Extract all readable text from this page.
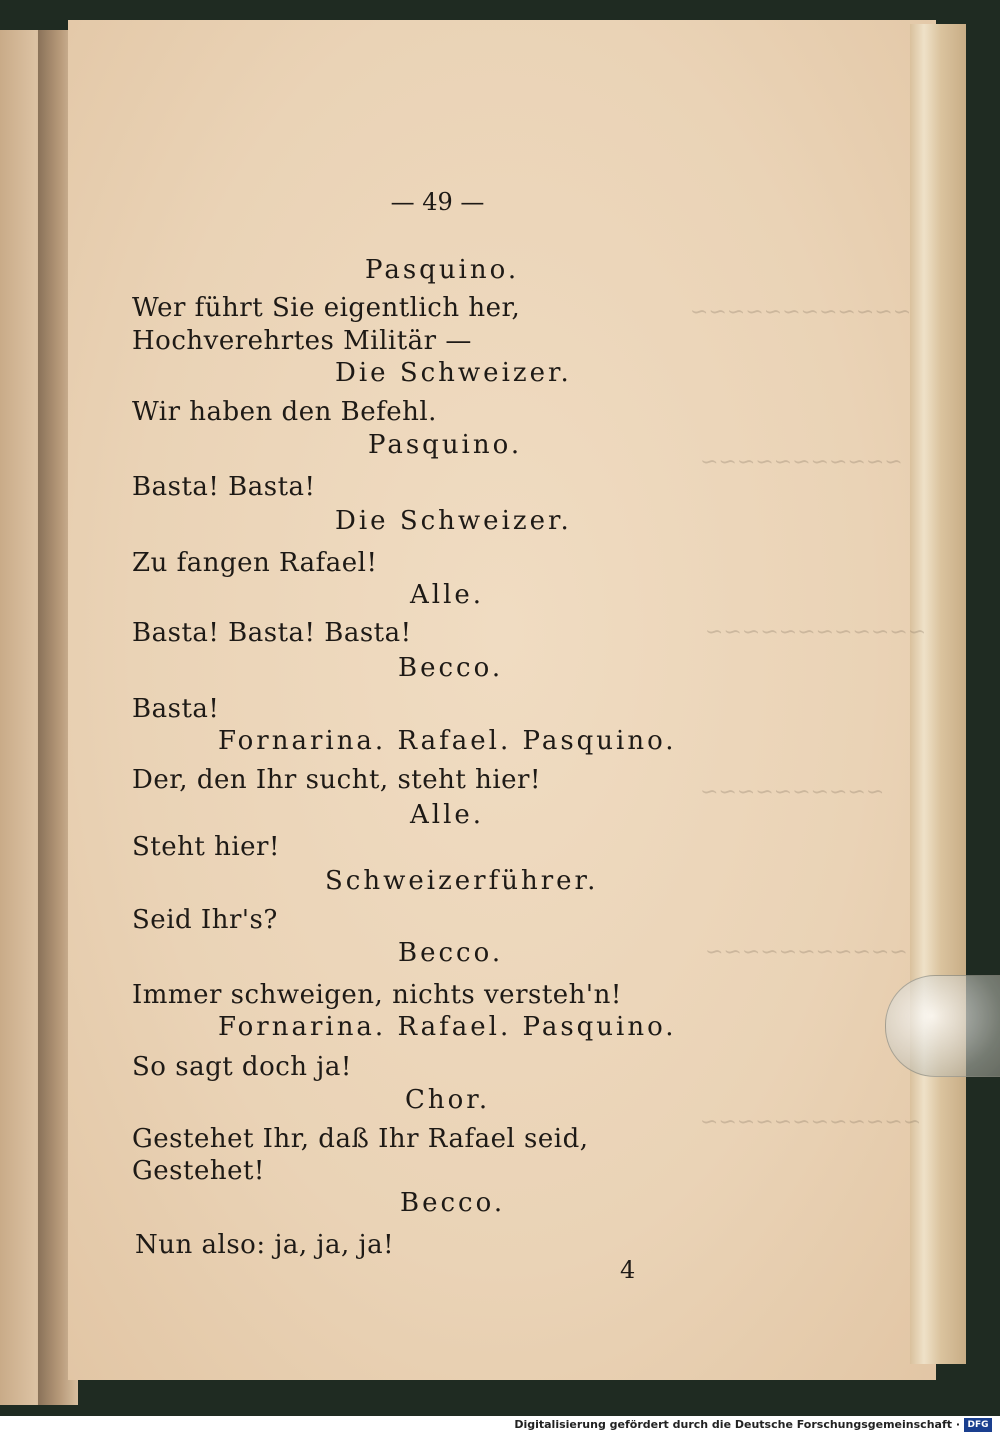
~~~~~~~~~~~~
~~~~~~~~~~~
~~~~~~~~~~~~
~~~~~~~~~~
~~~~~~~~~~~
~~~~~~~~~~~~
— 49 —
Pasquino.
Wer führt Sie eigentlich her,
Hochverehrtes Militär —
Die Schweizer.
Wir haben den Befehl.
Pasquino.
Basta! Basta!
Die Schweizer.
Zu fangen Rafael!
Alle.
Basta! Basta! Basta!
Becco.
Basta!
Fornarina. Rafael. Pasquino.
Der, den Ihr sucht, steht hier!
Alle.
Steht hier!
Schweizerführer.
Seid Ihr's?
Becco.
Immer schweigen, nichts versteh'n!
Fornarina. Rafael. Pasquino.
So sagt doch ja!
Chor.
Gestehet Ihr, daß Ihr Rafael seid,
Gestehet!
Becco.
Nun also: ja, ja, ja!
4
Digitalisierung gefördert durch die Deutsche Forschungsgemeinschaft · DFG
